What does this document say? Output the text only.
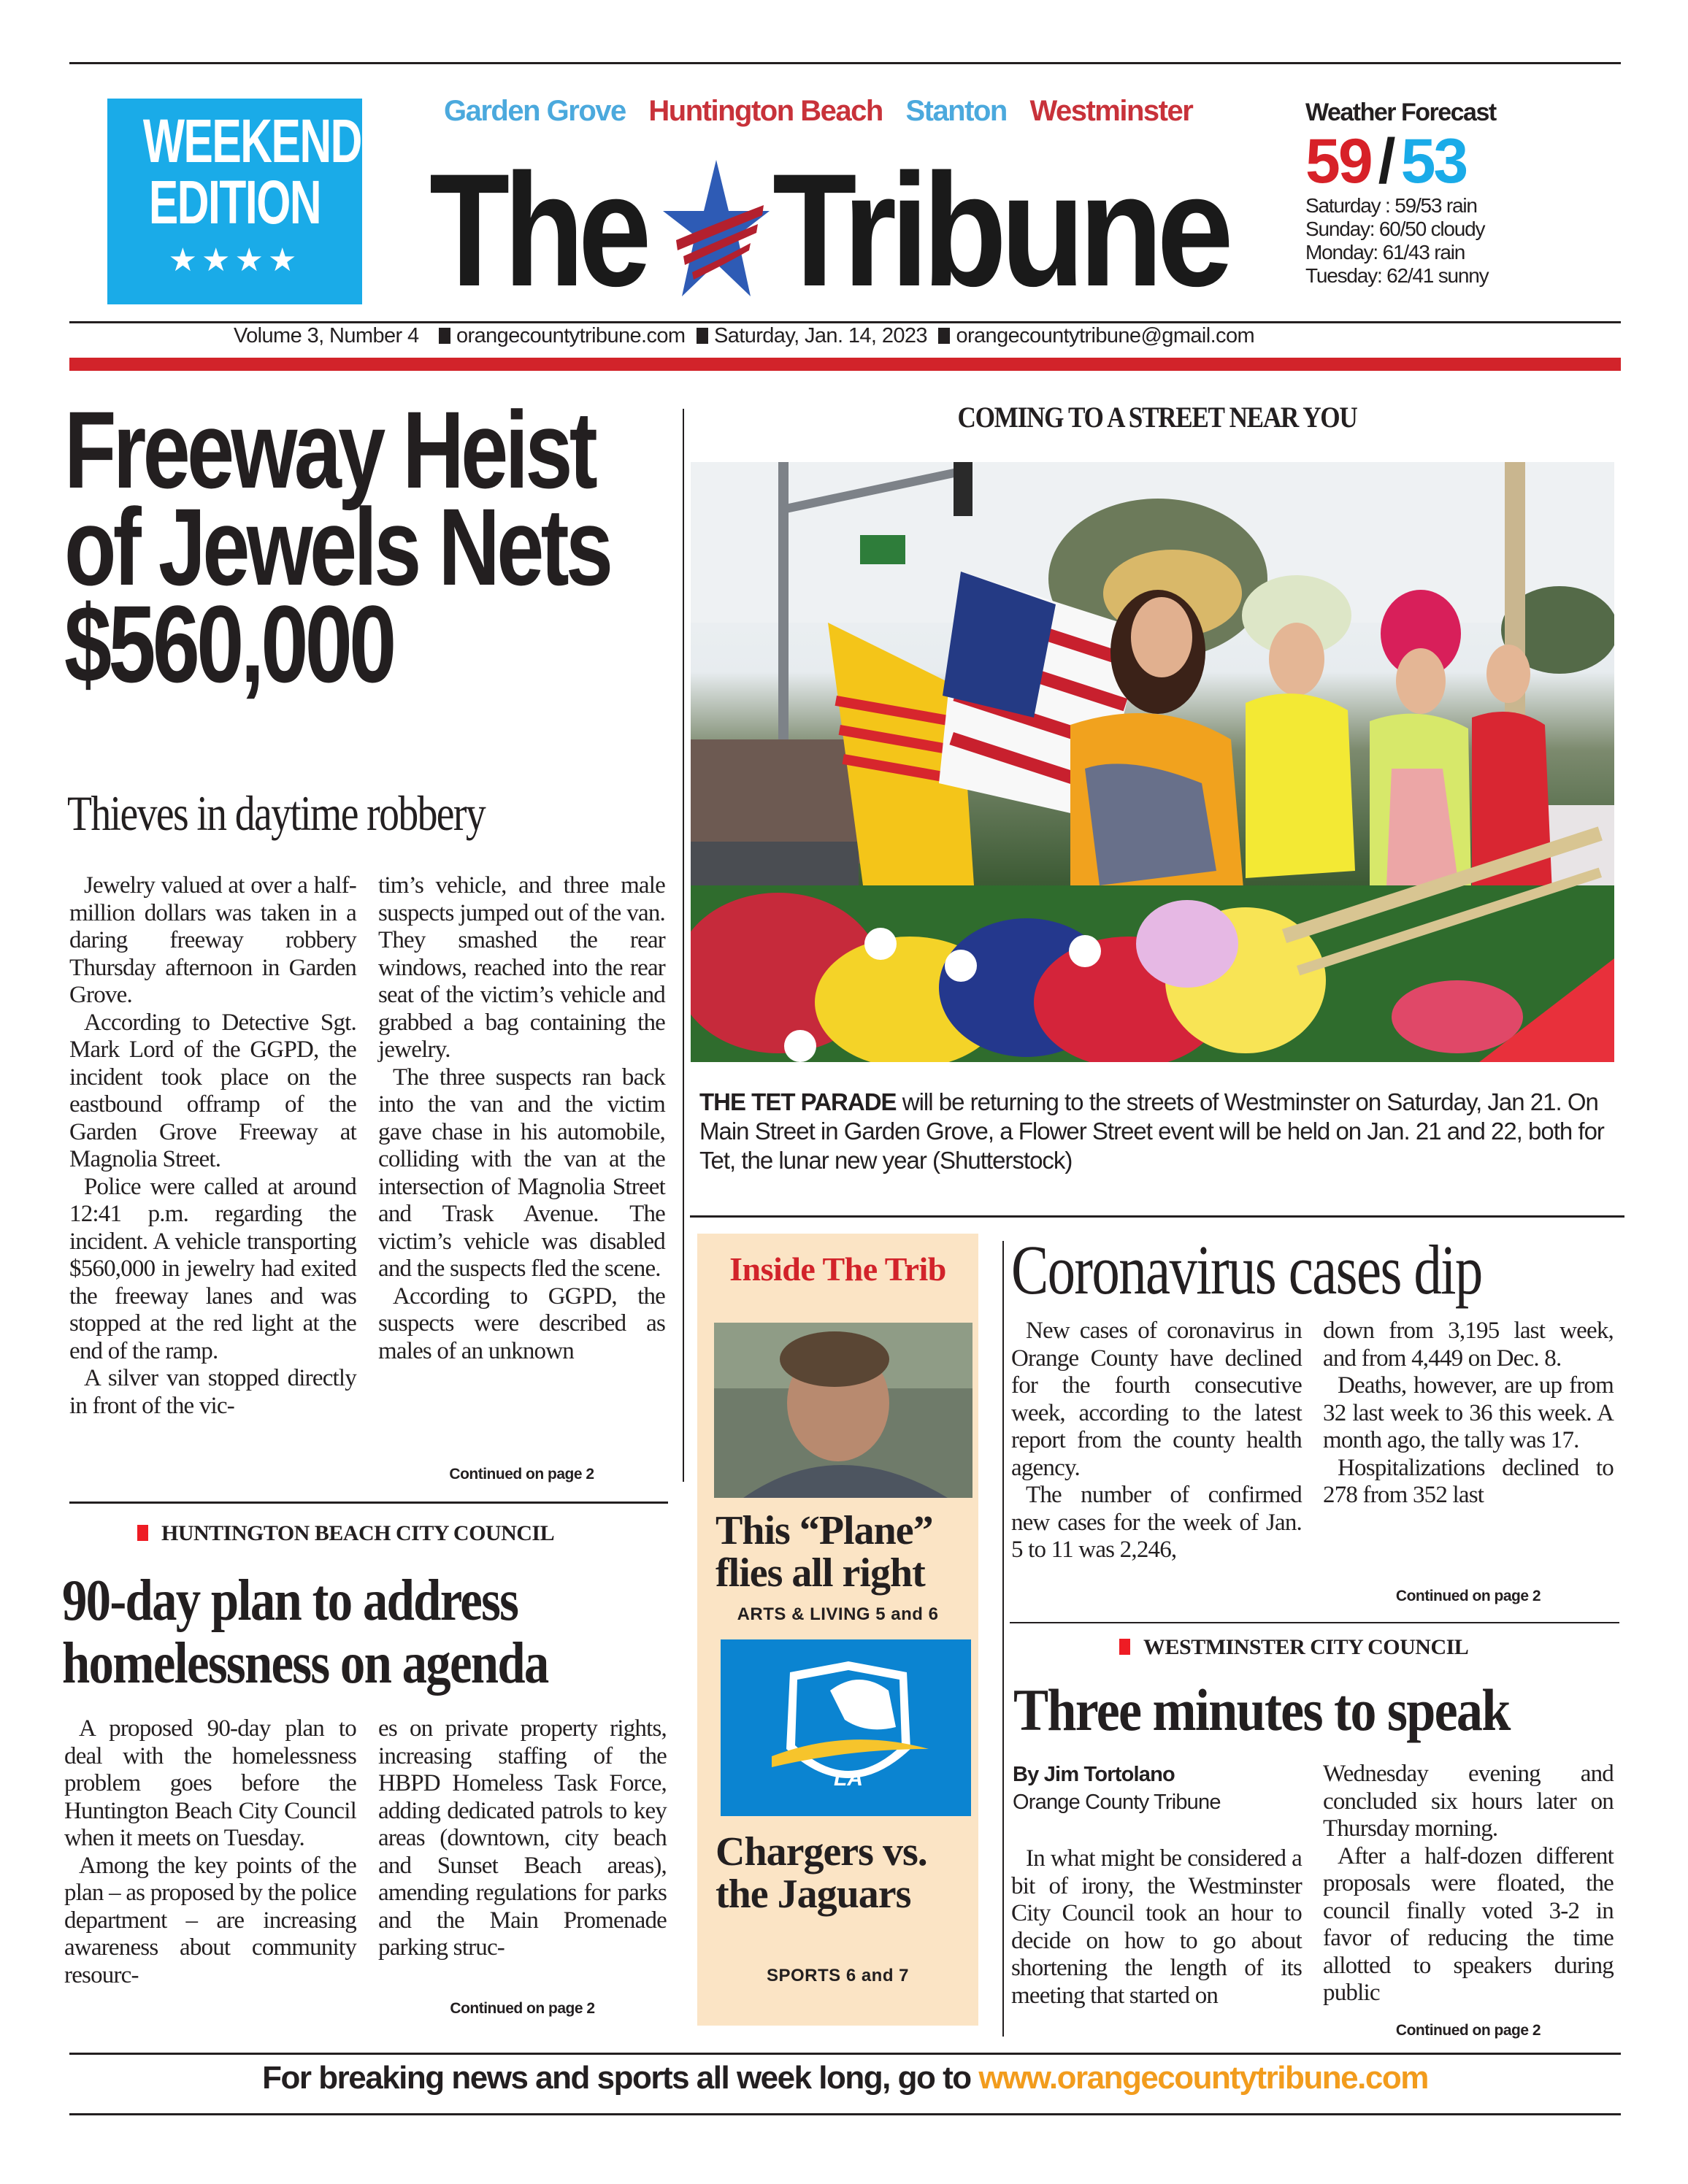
WEEKEND
EDITION
★★★★
Garden Grove Huntington Beach Stanton Westminster
The Tribune
Weather Forecast
59 / 53
Saturday : 59/53 rain
Sunday: 60/50 cloudy
Monday: 61/43 rain
Tuesday: 62/41 sunny
Volume 3, Number 4 orangecountytribune.com Saturday, Jan. 14, 2023 orangecountytribune@gmail.com
Freeway Heist
of Jewels Nets
$560,000
Thieves in daytime robbery

Jewelry valued at over a half-million dollars was taken in a daring freeway robbery Thursday afternoon in Garden Grove.

According to Detective Sgt. Mark Lord of the GGPD, the incident took place on the eastbound offramp of the Garden Grove Freeway at Magnolia Street.

Police were called at around 12:41 p.m. regarding the incident. A vehicle transporting $560,000 in jewelry had exited the freeway lanes and was stopped at the red light at the end of the ramp.

A silver van stopped directly in front of the vic-

tim’s vehicle, and three male suspects jumped out of the van. They smashed the rear windows, reached into the rear seat of the victim’s vehicle and grabbed a bag containing the jewelry.

The three suspects ran back into the van and the victim gave chase in his automobile, colliding with the van at the intersection of Magnolia Street and Trask Avenue. The victim’s vehicle was disabled and the suspects fled the scene.

According to GGPD, the suspects were described as males of an unknown

Continued on page 2
HUNTINGTON BEACH CITY COUNCIL
90-day plan to address
homelessness on agenda

A proposed 90-day plan to deal with the homelessness problem goes before the Huntington Beach City Council when it meets on Tuesday.

Among the key points of the plan – as proposed by the police department – are increasing awareness about community resourc-

es on private property rights, increasing staffing of the HBPD Homeless Task Force, adding dedicated patrols to key areas (downtown, city beach and Sunset Beach areas), amending regulations for parks and the Main Promenade parking struc-

Continued on page 2
COMING TO A STREET NEAR YOU
THE TET PARADE will be returning to the streets of Westminster on Saturday, Jan 21. On Main Street in Garden Grove, a Flower Street event will be held on Jan. 21 and 22, both for Tet, the lunar new year (Shutterstock)
Inside The Trib
This “Plane”
flies all right
ARTS & LIVING 5 and 6
LA
Chargers vs.
the Jaguars
SPORTS 6 and 7
Coronavirus cases dip

New cases of coronavirus in Orange County have declined for the fourth consecutive week, according to the latest report from the county health agency.

The number of confirmed new cases for the week of Jan. 5 to 11 was 2,246,

down from 3,195 last week, and from 4,449 on Dec. 8.

Deaths, however, are up from 32 last week to 36 this week. A month ago, the tally was 17.

Hospitalizations declined to 278 from 352 last

Continued on page 2
WESTMINSTER CITY COUNCIL
Three minutes to speak
By Jim Tortolano
Orange County Tribune

In what might be considered a bit of irony, the Westminster City Council took an hour to decide on how to go about shortening the length of its meeting that started on

Wednesday evening and concluded six hours later on Thursday morning.

After a half-dozen different proposals were floated, the council finally voted 3-2 in favor of reducing the time allotted to speakers during public

Continued on page 2
For breaking news and sports all week long, go to www.orangecountytribune.com
